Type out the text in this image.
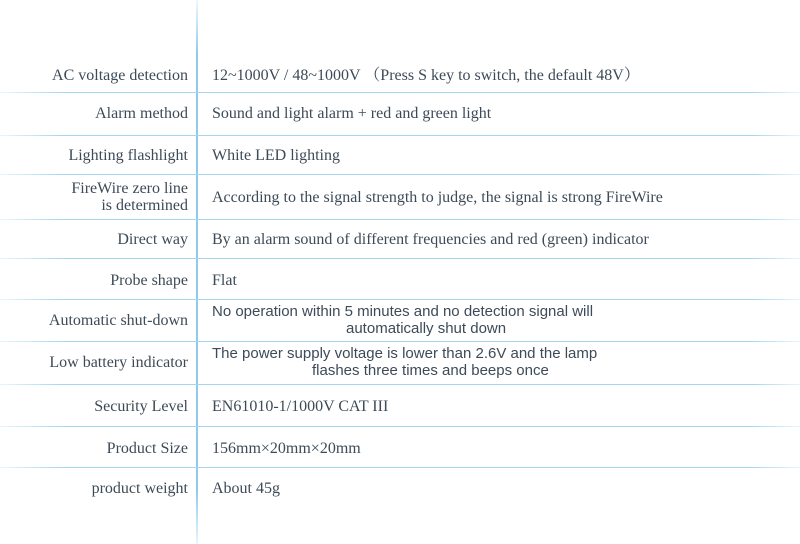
AC voltage detection 12~1000V / 48~1000V （Press S key to switch, the default 48V）
Alarm method Sound and light alarm + red and green light
Lighting flashlight White LED lighting
FireWire zero line
is determined According to the signal strength to judge, the signal is strong FireWire
Direct way By an alarm sound of different frequencies and red (green) indicator
Probe shape Flat
Automatic shut-down No operation within 5 minutes and no detection signal will
automatically shut down
Low battery indicator The power supply voltage is lower than 2.6V and the lamp
flashes three times and beeps once
Security Level EN61010-1/1000V CAT III
Product Size 156mm×20mm×20mm
product weight About 45g
